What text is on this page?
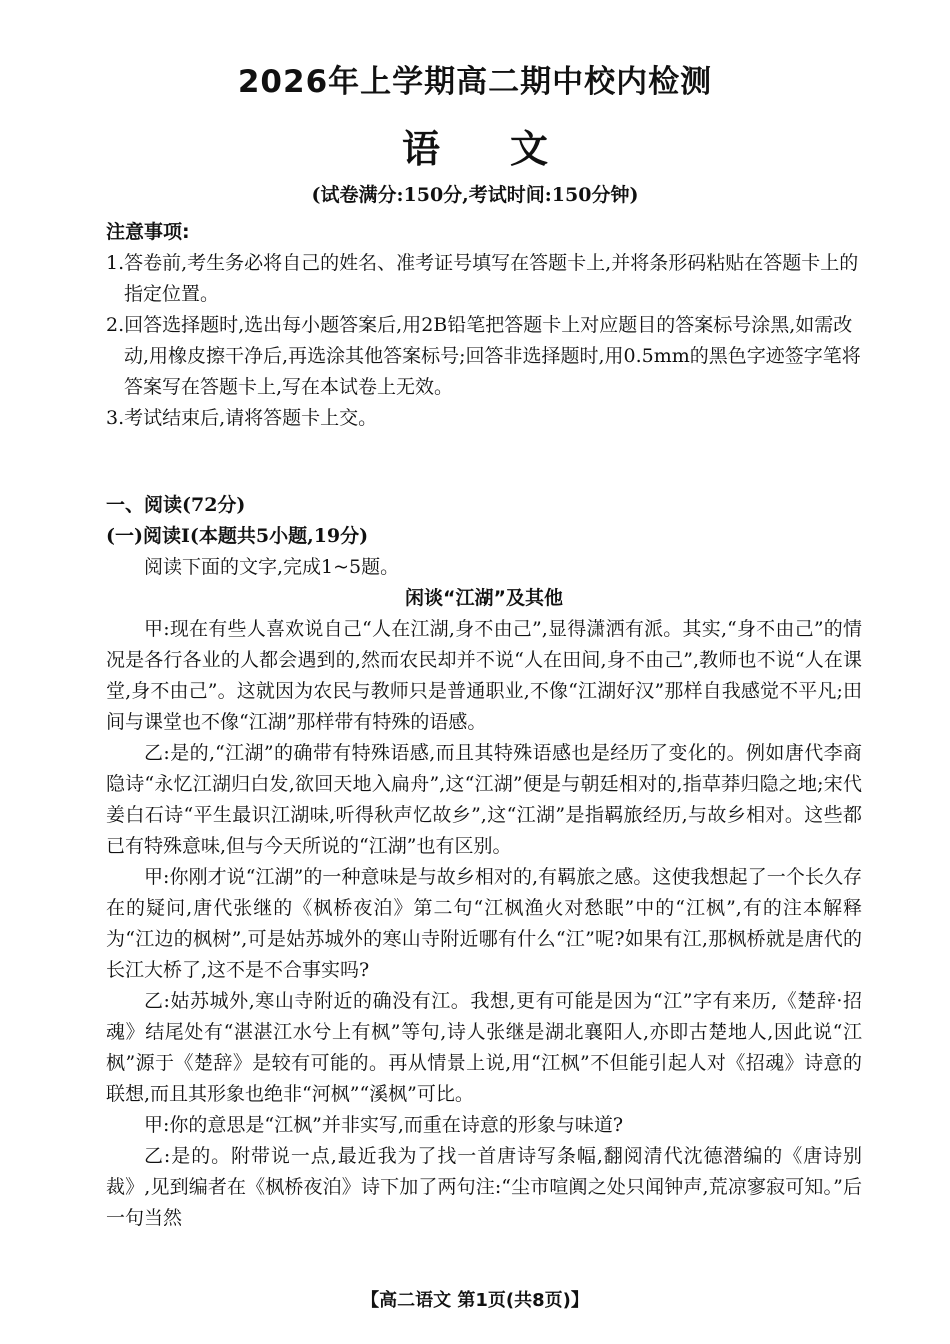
2026年上学期高二期中校内检测
语文
(试卷满分:150分,考试时间:150分钟)
注意事项:
1.答卷前,考生务必将自己的姓名、准考证号填写在答题卡上,并将条形码粘贴在答题卡上的指定位置。
2.回答选择题时,选出每小题答案后,用2B铅笔把答题卡上对应题目的答案标号涂黑,如需改动,用橡皮擦干净后,再选涂其他答案标号;回答非选择题时,用0.5mm的黑色字迹签字笔将答案写在答题卡上,写在本试卷上无效。
3.考试结束后,请将答题卡上交。
一、阅读(72分)
(一)阅读Ⅰ(本题共5小题,19分)
阅读下面的文字,完成1~5题。
闲谈“江湖”及其他
甲:现在有些人喜欢说自己“人在江湖,身不由己”,显得潇洒有派。其实,“身不由己”的情况是各行各业的人都会遇到的,然而农民却并不说“人在田间,身不由己”,教师也不说“人在课堂,身不由己”。这就因为农民与教师只是普通职业,不像“江湖好汉”那样自我感觉不平凡;田间与课堂也不像“江湖”那样带有特殊的语感。
乙:是的,“江湖”的确带有特殊语感,而且其特殊语感也是经历了变化的。例如唐代李商隐诗“永忆江湖归白发,欲回天地入扁舟”,这“江湖”便是与朝廷相对的,指草莽归隐之地;宋代姜白石诗“平生最识江湖味,听得秋声忆故乡”,这“江湖”是指羁旅经历,与故乡相对。这些都已有特殊意味,但与今天所说的“江湖”也有区别。
甲:你刚才说“江湖”的一种意味是与故乡相对的,有羁旅之感。这使我想起了一个长久存在的疑问,唐代张继的《枫桥夜泊》第二句“江枫渔火对愁眠”中的“江枫”,有的注本解释为“江边的枫树”,可是姑苏城外的寒山寺附近哪有什么“江”呢?如果有江,那枫桥就是唐代的长江大桥了,这不是不合事实吗?
乙:姑苏城外,寒山寺附近的确没有江。我想,更有可能是因为“江”字有来历,《楚辞·招魂》结尾处有“湛湛江水兮上有枫”等句,诗人张继是湖北襄阳人,亦即古楚地人,因此说“江枫”源于《楚辞》是较有可能的。再从情景上说,用“江枫”不但能引起人对《招魂》诗意的联想,而且其形象也绝非“河枫”“溪枫”可比。
甲:你的意思是“江枫”并非实写,而重在诗意的形象与味道?
乙:是的。附带说一点,最近我为了找一首唐诗写条幅,翻阅清代沈德潜编的《唐诗别裁》,见到编者在《枫桥夜泊》诗下加了两句注:“尘市喧阗之处只闻钟声,荒凉寥寂可知。”后一句当然
【高二语文 第1页(共8页)】
